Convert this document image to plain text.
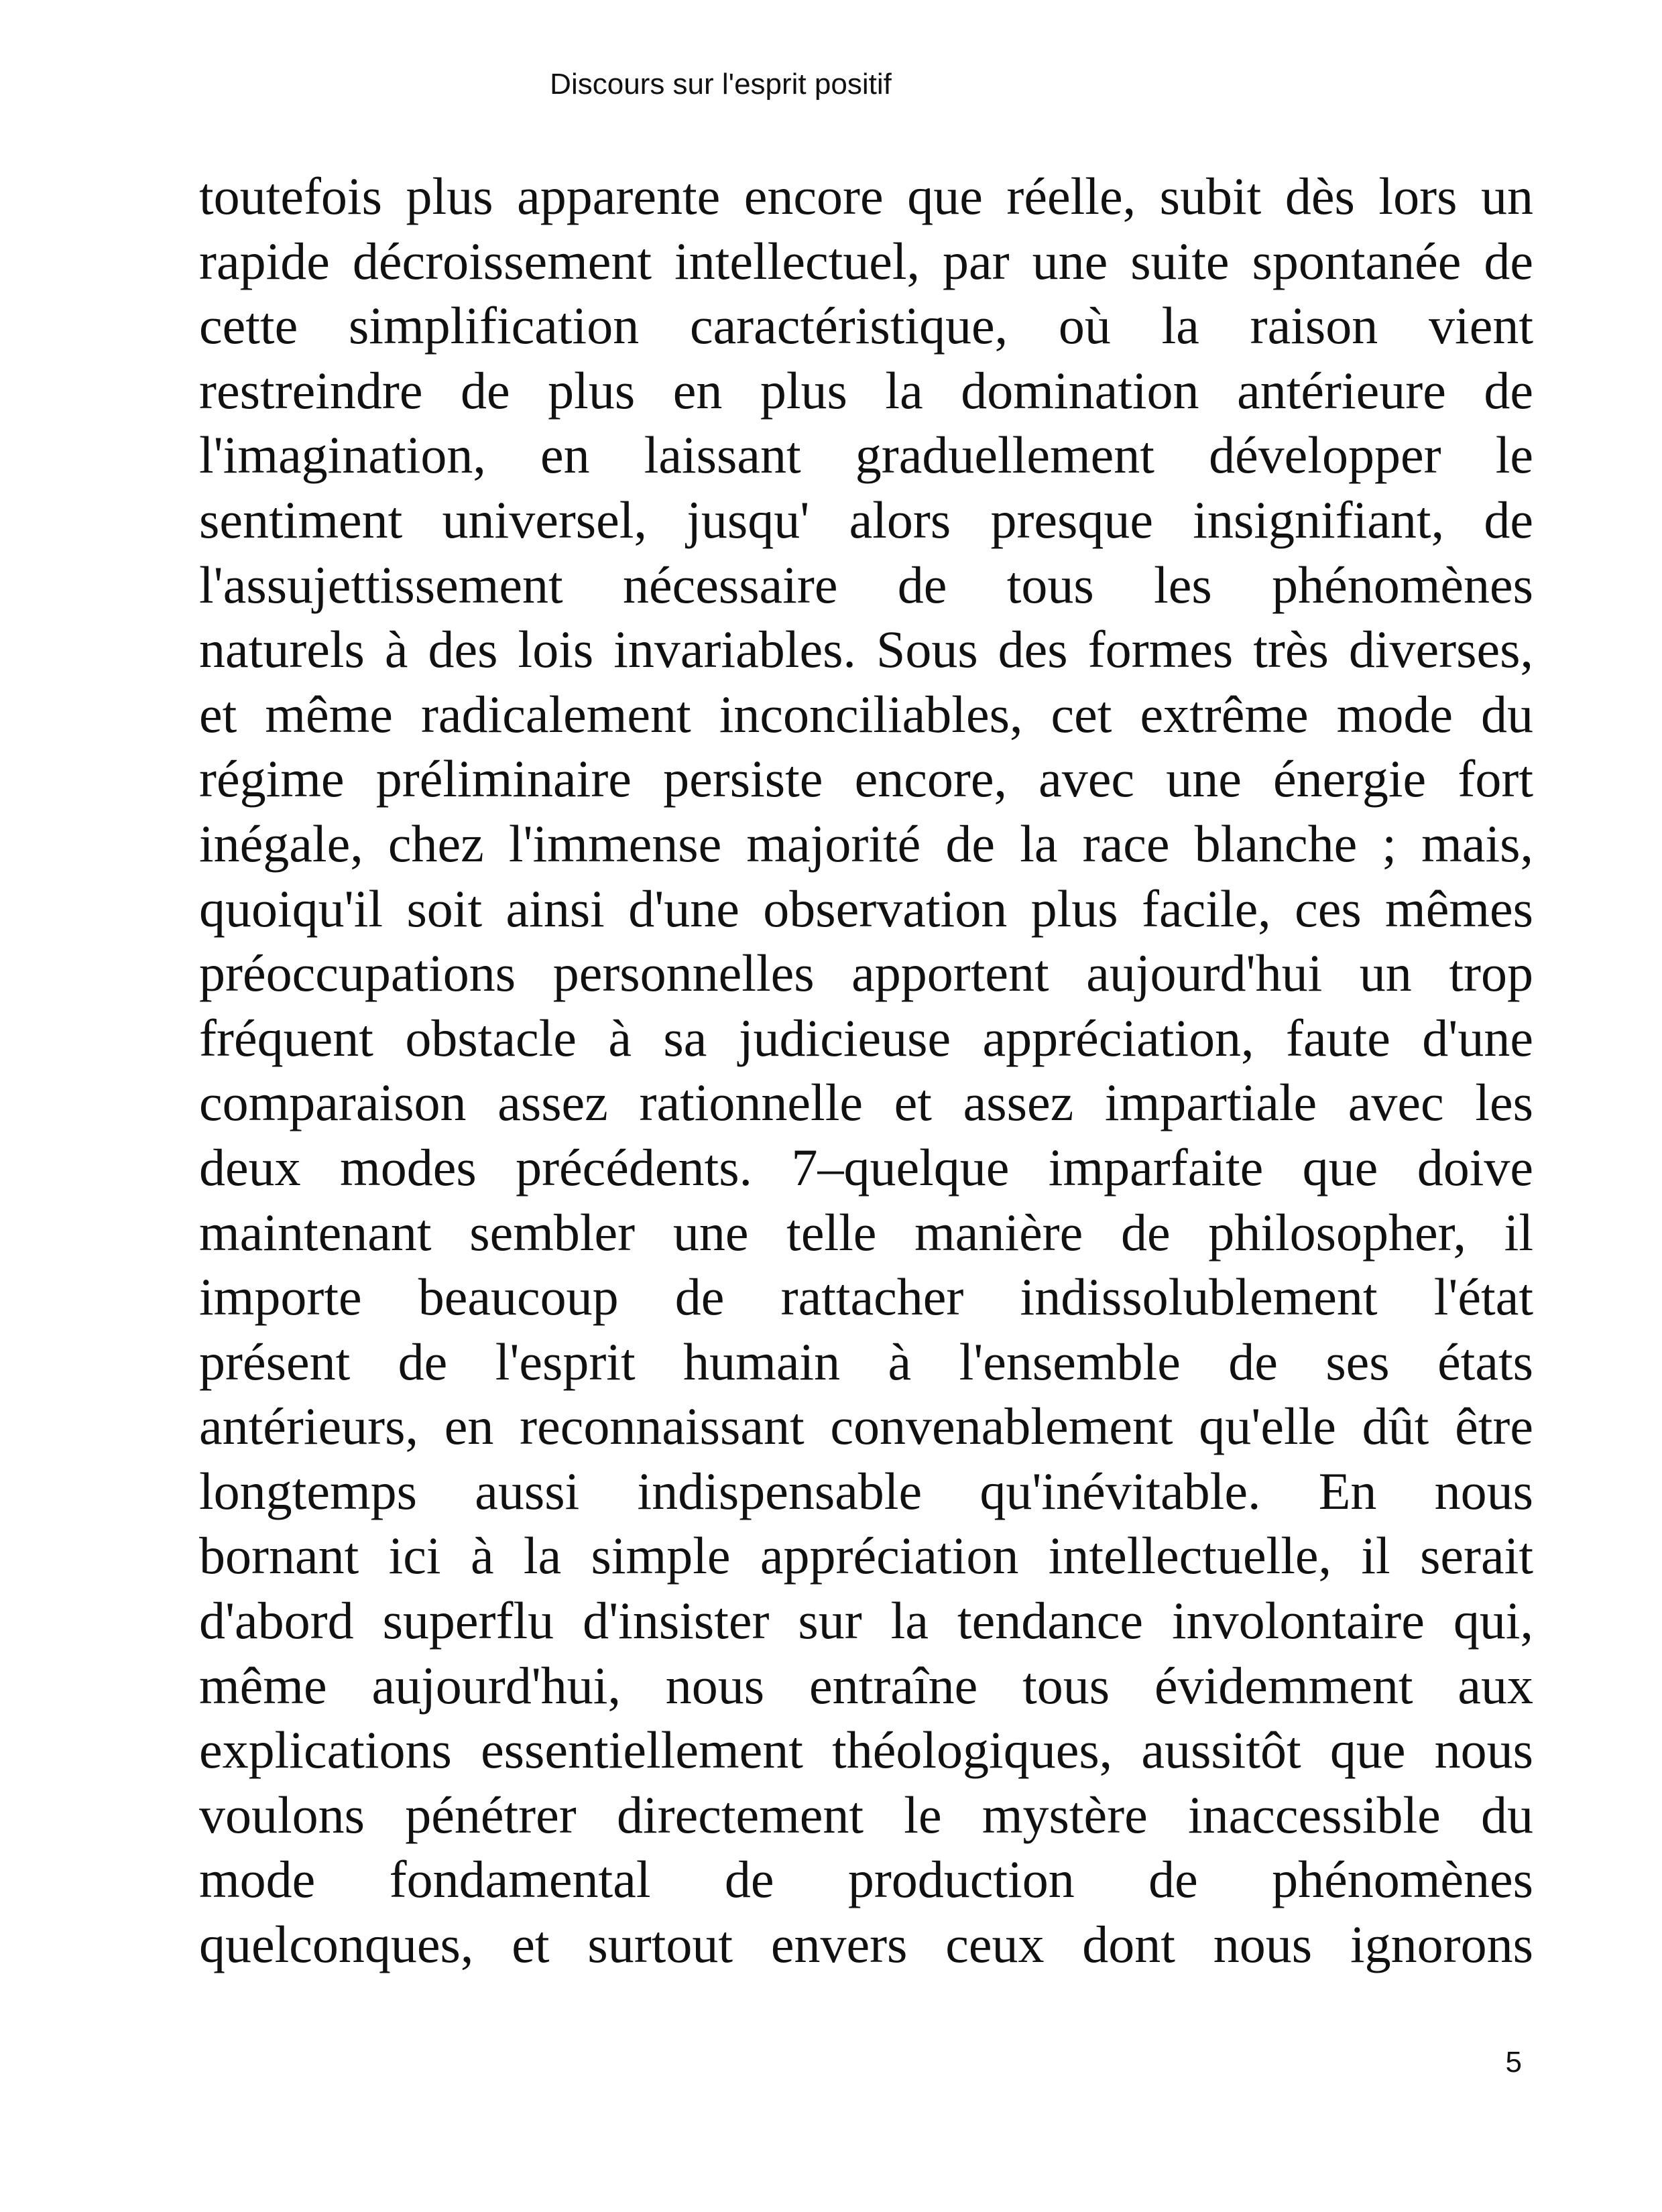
Discours sur l'esprit positif
toutefois plus apparente encore que réelle, subit dès lors un
rapide décroissement intellectuel, par une suite spontanée de
cette simplification caractéristique, où la raison vient
restreindre de plus en plus la domination antérieure de
l'imagination, en laissant graduellement développer le
sentiment universel, jusqu' alors presque insignifiant, de
l'assujettissement nécessaire de tous les phénomènes
naturels à des lois invariables. Sous des formes très diverses,
et même radicalement inconciliables, cet extrême mode du
régime préliminaire persiste encore, avec une énergie fort
inégale, chez l'immense majorité de la race blanche ; mais,
quoiqu'il soit ainsi d'une observation plus facile, ces mêmes
préoccupations personnelles apportent aujourd'hui un trop
fréquent obstacle à sa judicieuse appréciation, faute d'une
comparaison assez rationnelle et assez impartiale avec les
deux modes précédents. 7–quelque imparfaite que doive
maintenant sembler une telle manière de philosopher, il
importe beaucoup de rattacher indissolublement l'état
présent de l'esprit humain à l'ensemble de ses états
antérieurs, en reconnaissant convenablement qu'elle dût être
longtemps aussi indispensable qu'inévitable. En nous
bornant ici à la simple appréciation intellectuelle, il serait
d'abord superflu d'insister sur la tendance involontaire qui,
même aujourd'hui, nous entraîne tous évidemment aux
explications essentiellement théologiques, aussitôt que nous
voulons pénétrer directement le mystère inaccessible du
mode fondamental de production de phénomènes
quelconques, et surtout envers ceux dont nous ignorons
5
